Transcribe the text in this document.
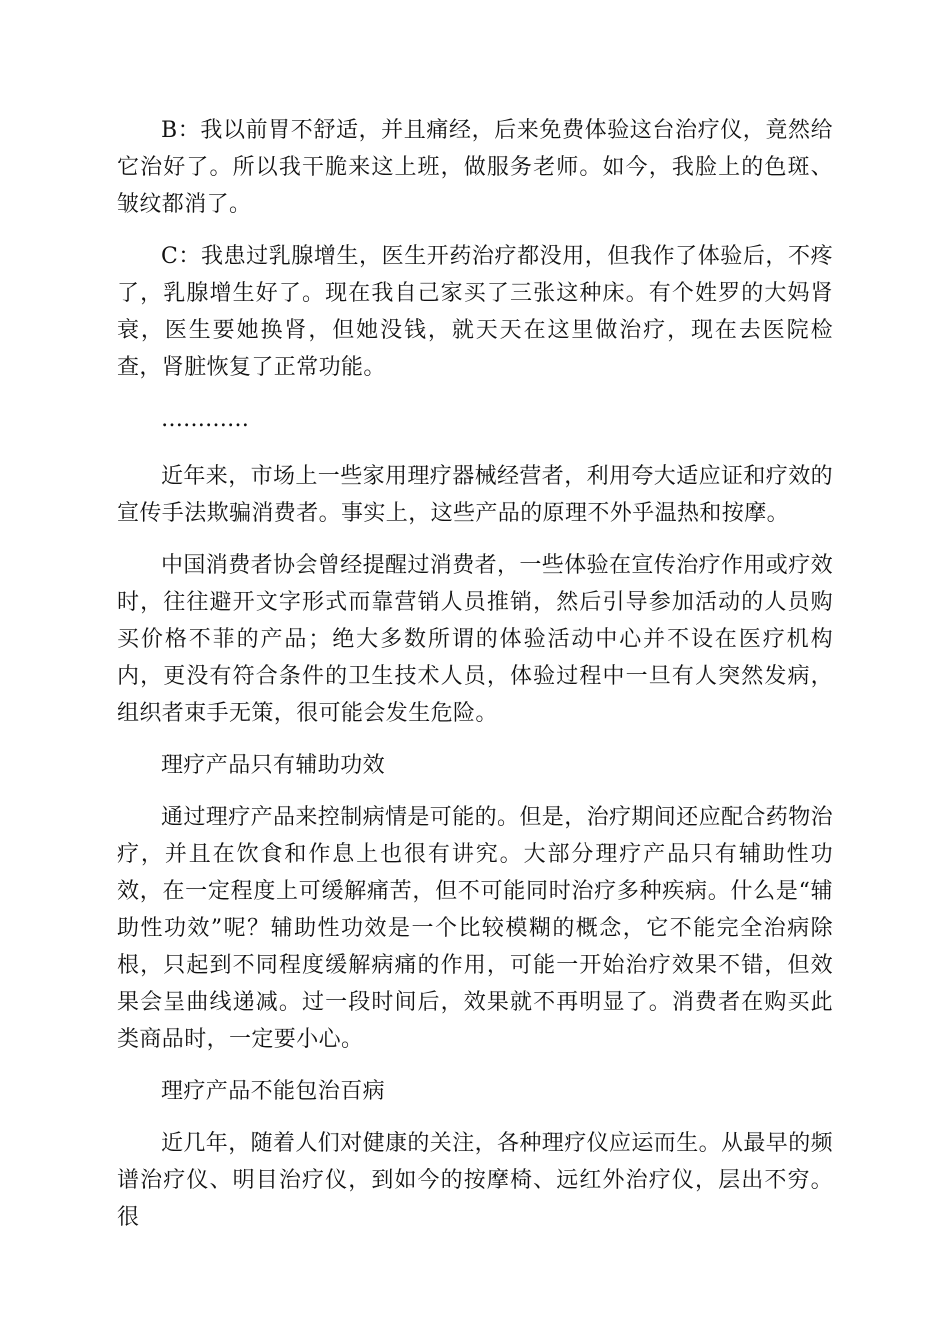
B：我以前胃不舒适，并且痛经，后来免费体验这台治疗仪，竟然给它治好了。所以我干脆来这上班，做服务老师。如今，我脸上的色斑、皱纹都消了。

C：我患过乳腺增生，医生开药治疗都没用，但我作了体验后，不疼了，乳腺增生好了。现在我自己家买了三张这种床。有个姓罗的大妈肾衰，医生要她换肾，但她没钱，就天天在这里做治疗，现在去医院检查，肾脏恢复了正常功能。

…………

近年来，市场上一些家用理疗器械经营者，利用夸大适应证和疗效的宣传手法欺骗消费者。事实上，这些产品的原理不外乎温热和按摩。

中国消费者协会曾经提醒过消费者，一些体验在宣传治疗作用或疗效时，往往避开文字形式而靠营销人员推销，然后引导参加活动的人员购买价格不菲的产品；绝大多数所谓的体验活动中心并不设在医疗机构内，更没有符合条件的卫生技术人员，体验过程中一旦有人突然发病，组织者束手无策，很可能会发生危险。

理疗产品只有辅助功效

通过理疗产品来控制病情是可能的。但是，治疗期间还应配合药物治疗，并且在饮食和作息上也很有讲究。大部分理疗产品只有辅助性功效，在一定程度上可缓解痛苦，但不可能同时治疗多种疾病。什么是“辅助性功效”呢？辅助性功效是一个比较模糊的概念，它不能完全治病除根，只起到不同程度缓解病痛的作用，可能一开始治疗效果不错，但效果会呈曲线递减。过一段时间后，效果就不再明显了。消费者在购买此类商品时，一定要小心。

理疗产品不能包治百病

近几年，随着人们对健康的关注，各种理疗仪应运而生。从最早的频谱治疗仪、明目治疗仪，到如今的按摩椅、远红外治疗仪，层出不穷。很
